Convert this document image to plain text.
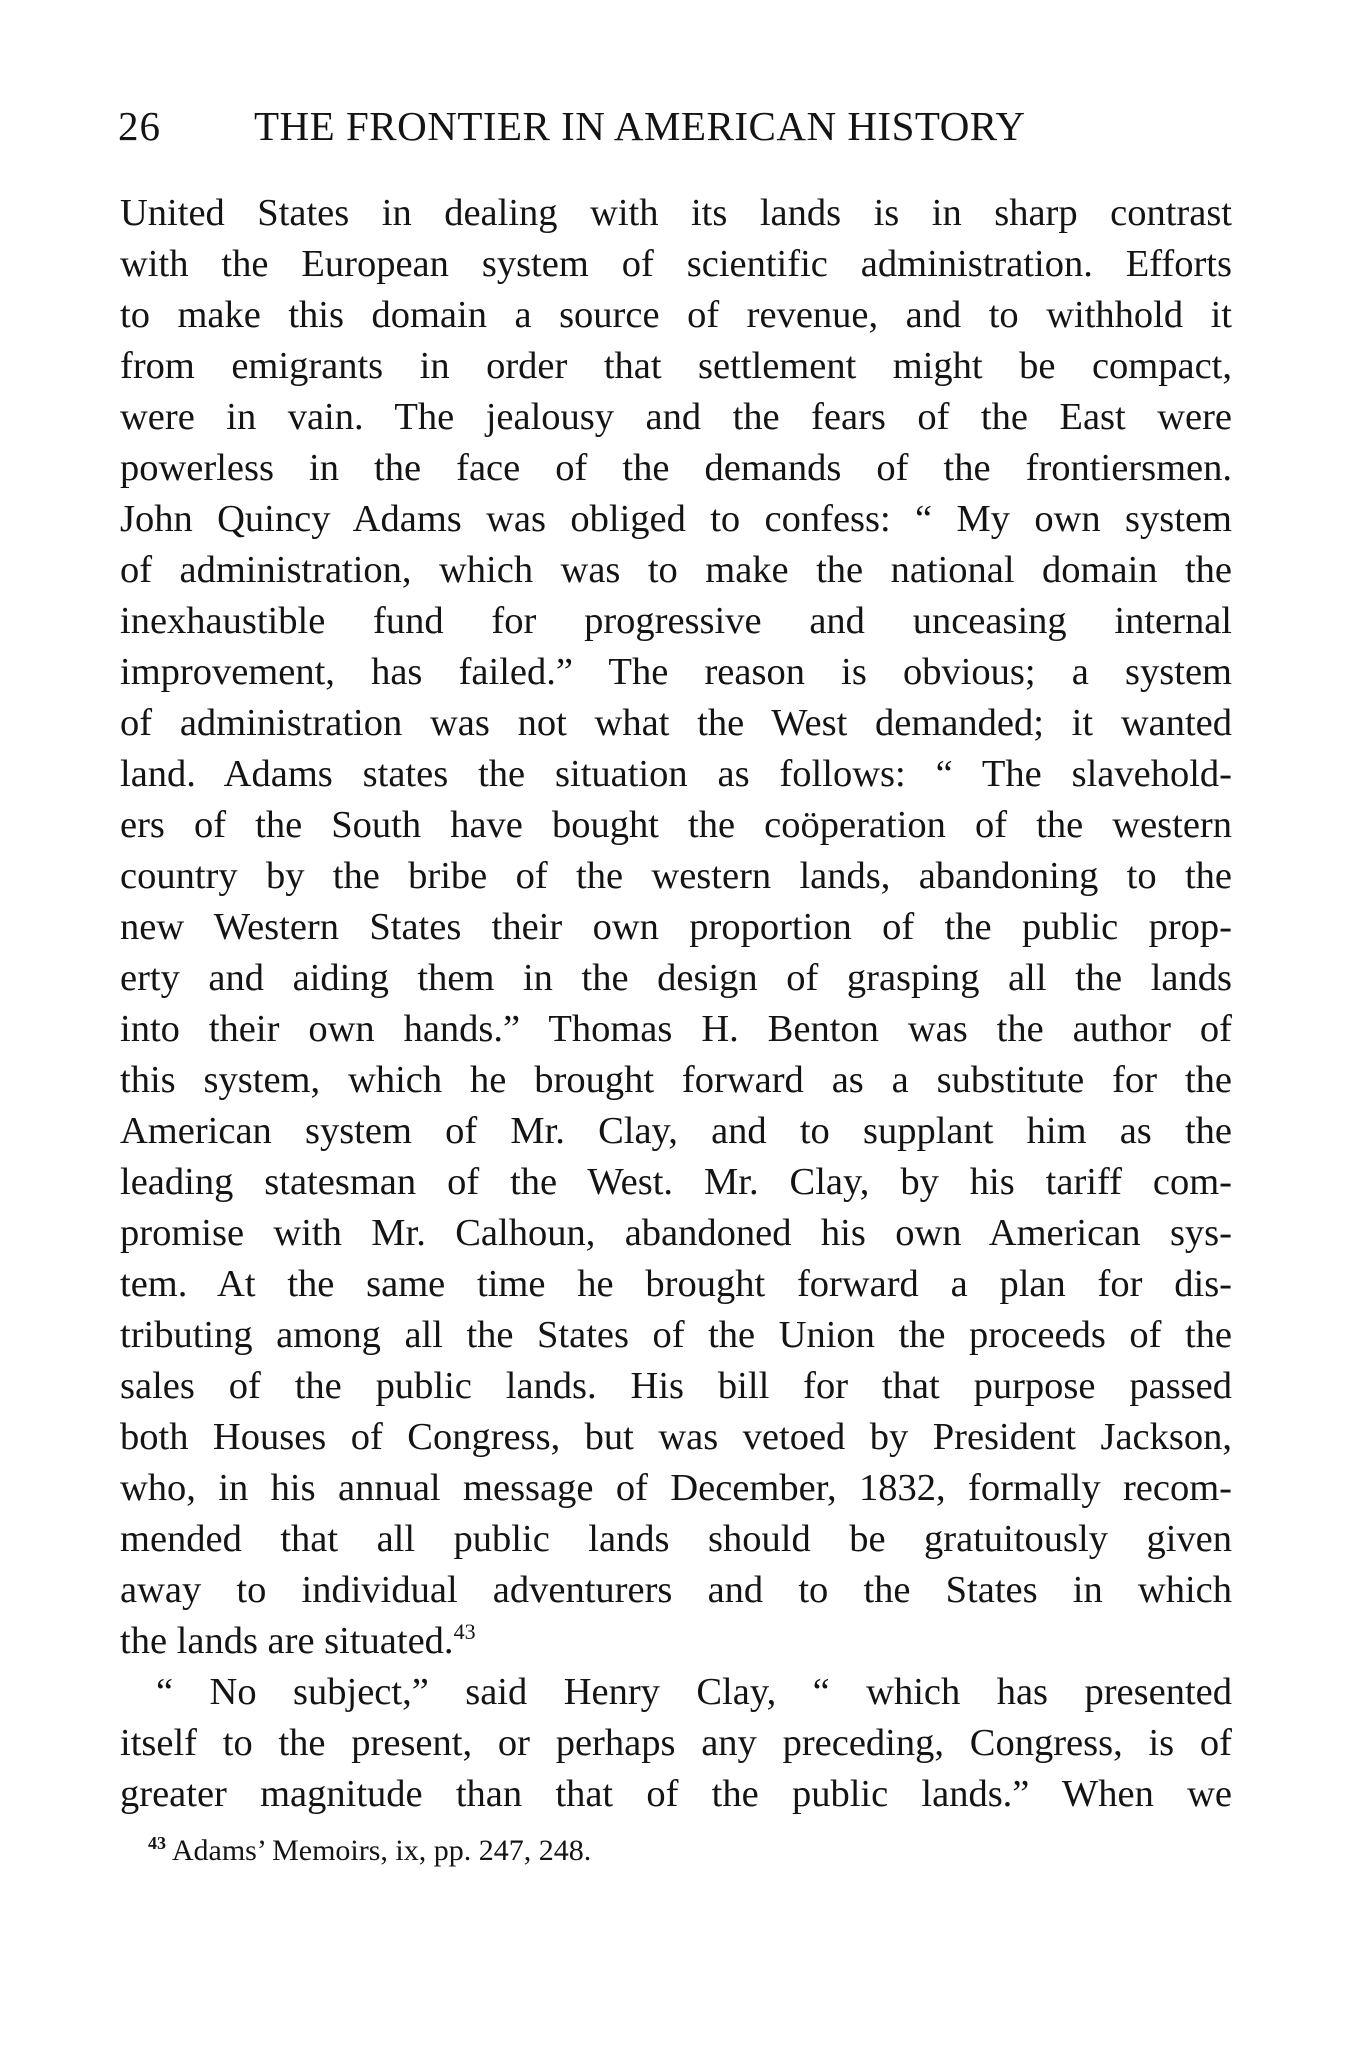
26 THE FRONTIER IN AMERICAN HISTORY
United States in dealing with its lands is in sharp contrast
with the European system of scientific administration. Efforts
to make this domain a source of revenue, and to withhold it
from emigrants in order that settlement might be compact,
were in vain. The jealousy and the fears of the East were
powerless in the face of the demands of the frontiersmen.
John Quincy Adams was obliged to confess: “ My own system
of administration, which was to make the national domain the
inexhaustible fund for progressive and unceasing internal
improvement, has failed.” The reason is obvious; a system
of administration was not what the West demanded; it wanted
land. Adams states the situation as follows: “ The slavehold-
ers of the South have bought the coöperation of the western
country by the bribe of the western lands, abandoning to the
new Western States their own proportion of the public prop-
erty and aiding them in the design of grasping all the lands
into their own hands.” Thomas H. Benton was the author of
this system, which he brought forward as a substitute for the
American system of Mr. Clay, and to supplant him as the
leading statesman of the West. Mr. Clay, by his tariff com-
promise with Mr. Calhoun, abandoned his own American sys-
tem. At the same time he brought forward a plan for dis-
tributing among all the States of the Union the proceeds of the
sales of the public lands. His bill for that purpose passed
both Houses of Congress, but was vetoed by President Jackson,
who, in his annual message of December, 1832, formally recom-
mended that all public lands should be gratuitously given
away to individual adventurers and to the States in which
the lands are situated.$^{43}$
“ No subject,” said Henry Clay, “ which has presented
itself to the present, or perhaps any preceding, Congress, is of
greater magnitude than that of the public lands.” When we
$^{43}$ Adams’ Memoirs, ix, pp. 247, 248.
